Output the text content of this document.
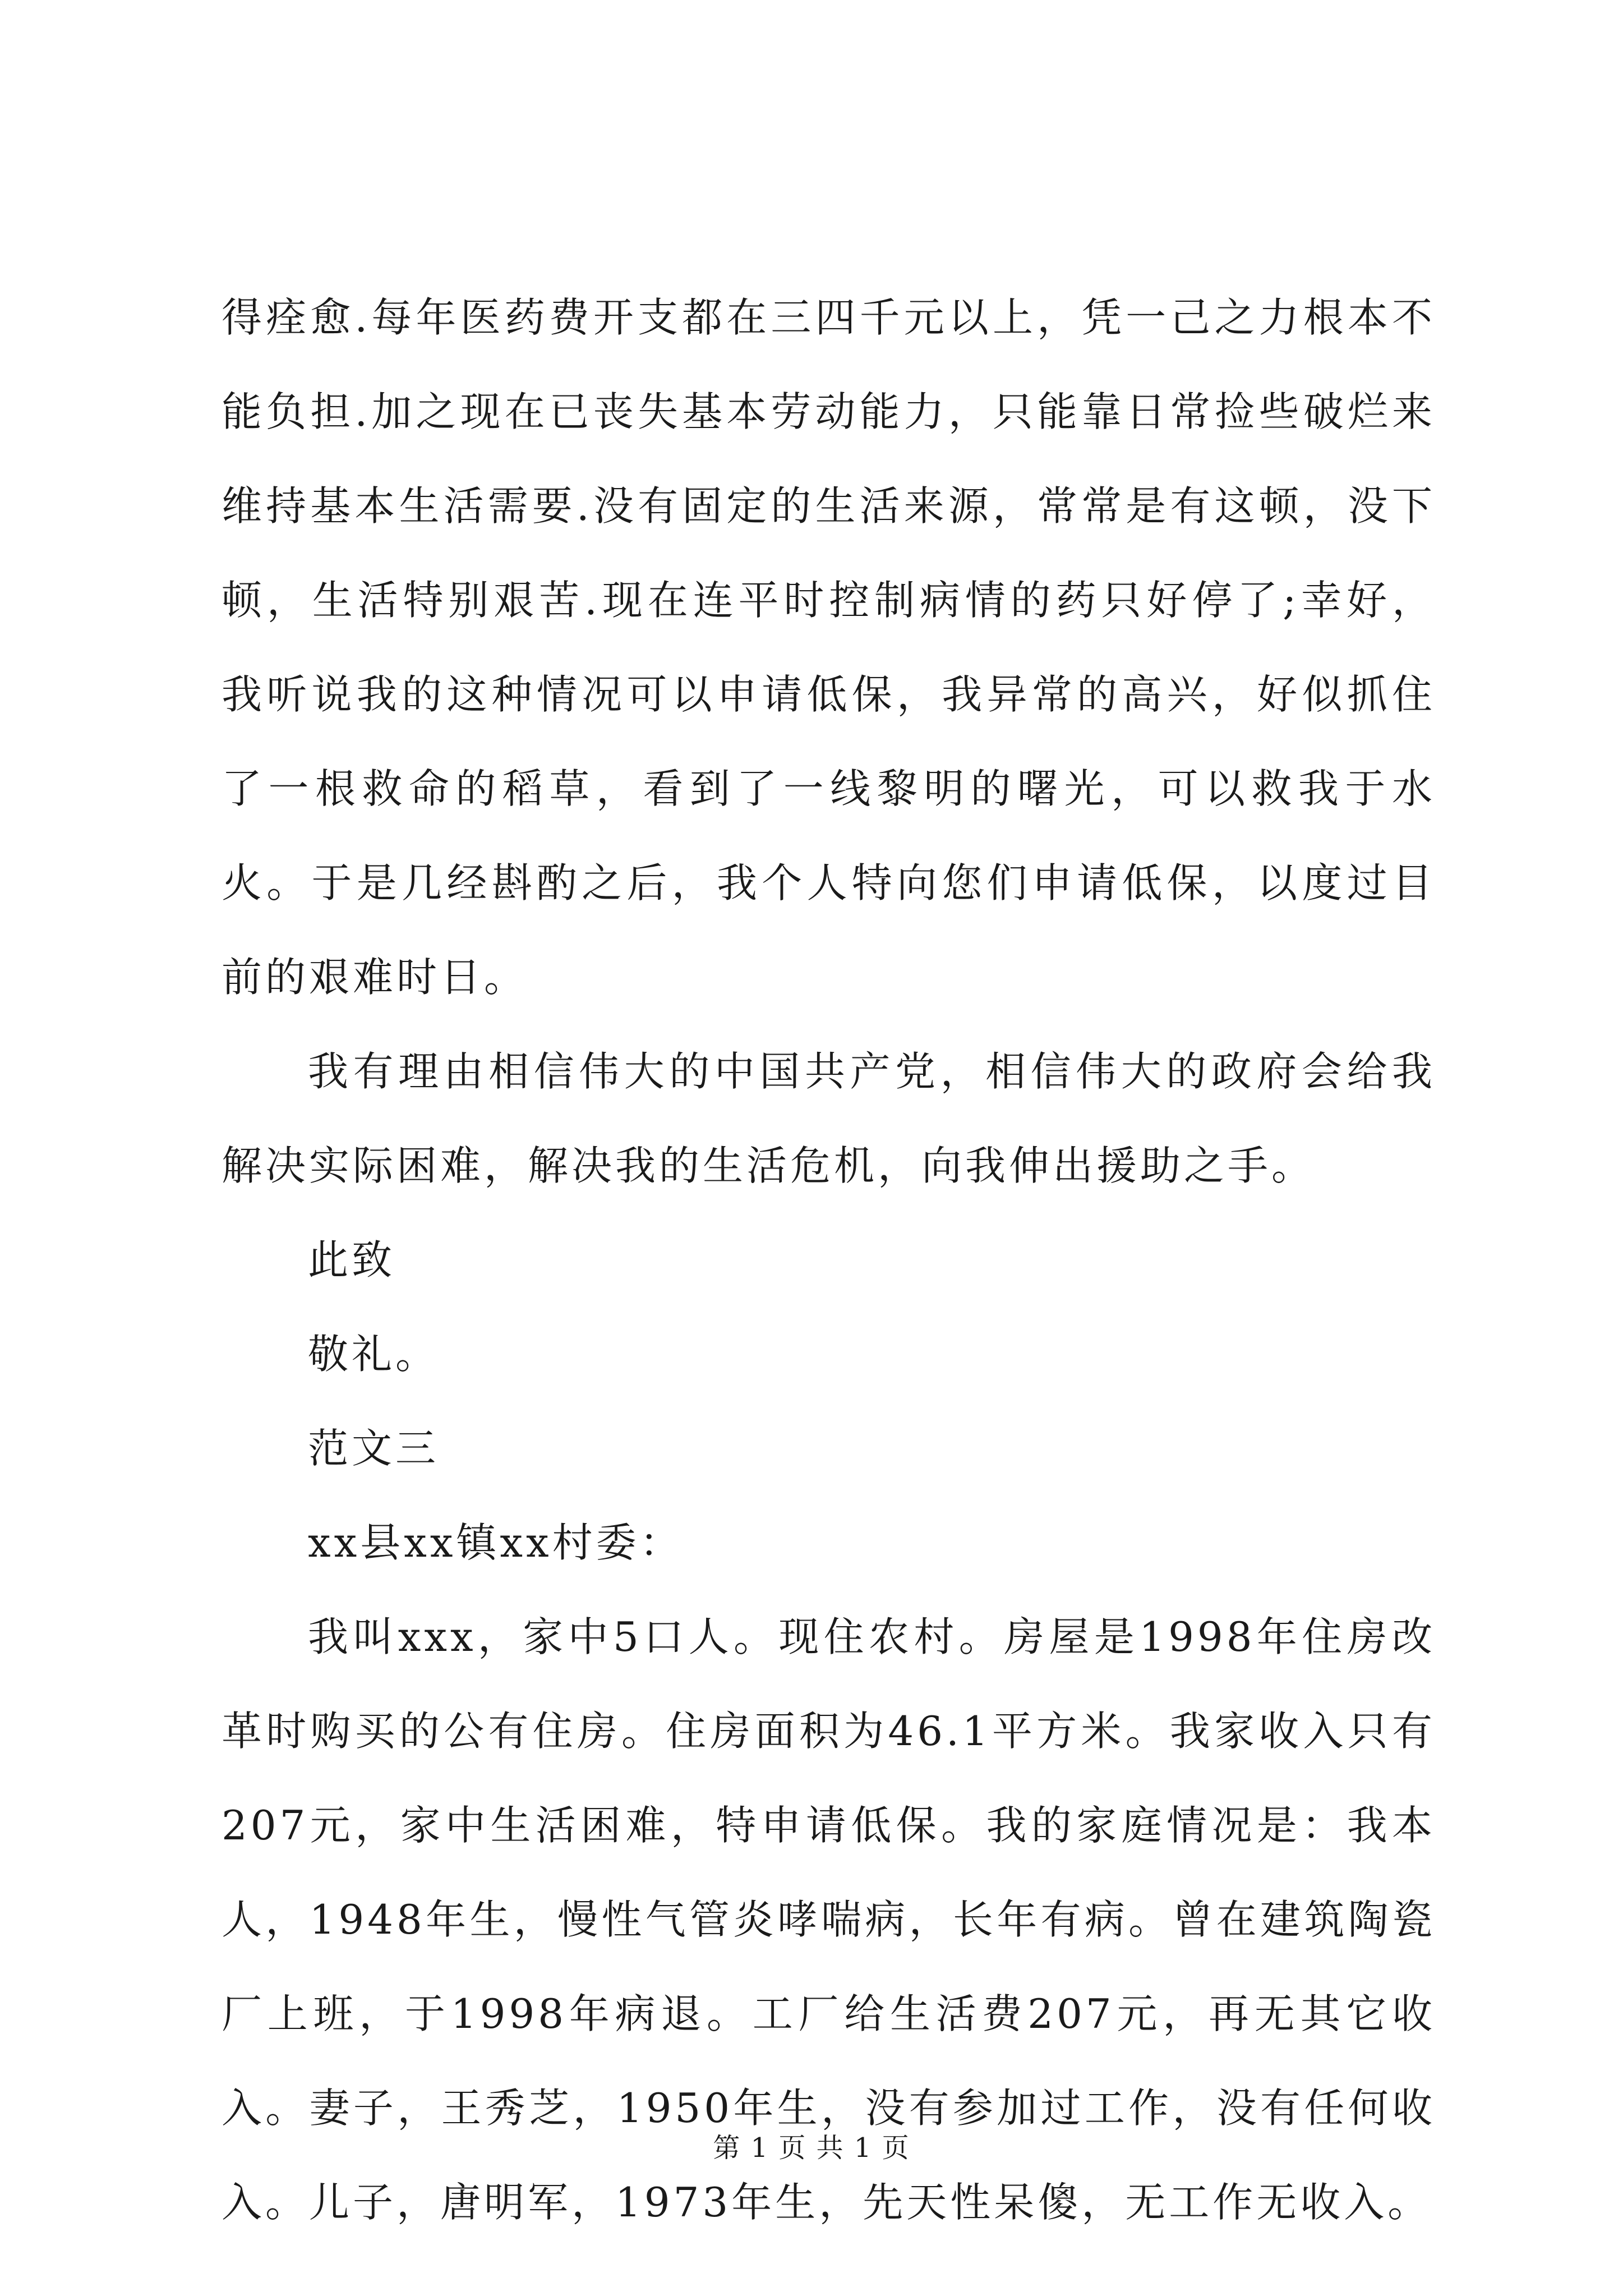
得痊愈.每年医药费开支都在三四千元以上，凭一己之力根本不能负担.加之现在已丧失基本劳动能力，只能靠日常捡些破烂来维持基本生活需要.没有固定的生活来源，常常是有这顿，没下顿，生活特别艰苦.现在连平时控制病情的药只好停了;幸好，我听说我的这种情况可以申请低保，我异常的高兴，好似抓住了一根救命的稻草，看到了一线黎明的曙光，可以救我于水火。于是几经斟酌之后，我个人特向您们申请低保，以度过目前的艰难时日。

我有理由相信伟大的中国共产党，相信伟大的政府会给我解决实际困难，解决我的生活危机，向我伸出援助之手。

此致

敬礼。

范文三

xx县xx镇xx村委：

我叫xxx，家中5口人。现住农村。房屋是1998年住房改革时购买的公有住房。住房面积为46.1平方米。我家收入只有207元，家中生活困难，特申请低保。我的家庭情况是：我本人，1948年生，慢性气管炎哮喘病，长年有病。曾在建筑陶瓷厂上班，于1998年病退。工厂给生活费207元，再无其它收入。妻子，王秀芝，1950年生，没有参加过工作，没有任何收入。儿子，唐明军，1973年生，先天性呆傻，无工作无收入。

第 1 页 共 1 页
